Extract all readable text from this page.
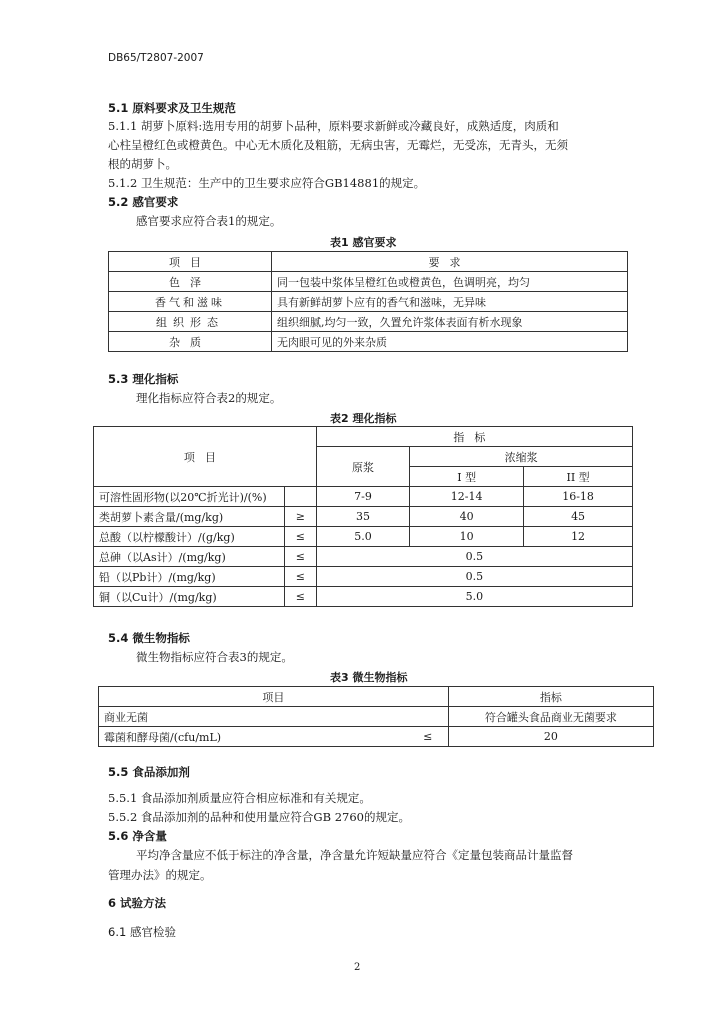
DB65/T2807-2007
5.1 原料要求及卫生规范
5.1.1 胡萝卜原料:选用专用的胡萝卜品种，原料要求新鲜或冷藏良好，成熟适度，肉质和
心柱呈橙红色或橙黄色。中心无木质化及粗筋，无病虫害，无霉烂，无受冻，无青头，无须
根的胡萝卜。
5.1.2 卫生规范：生产中的卫生要求应符合GB14881的规定。
5.2 感官要求
感官要求应符合表1的规定。
表1 感官要求
项目	要求
色泽	同一包装中浆体呈橙红色或橙黄色，色调明亮，均匀
香气和滋味	具有新鲜胡萝卜应有的香气和滋味，无异味
组织形态	组织细腻,均匀一致，久置允许浆体表面有析水现象
杂质	无肉眼可见的外来杂质
5.3 理化指标
理化指标应符合表2的规定。
表2 理化指标
项目		指标		
		原浆	浓缩浆	
			I 型	II 型
可溶性固形物(以20℃折光计)/(%)		7-9	12-14	16-18
类胡萝卜素含量/(mg/kg)	≥	35	40	45
总酸（以柠檬酸计）/(g/kg)	≤	5.0	10	12
总砷（以As计）/(mg/kg)	≤	0.5		
铅（以Pb计）/(mg/kg)	≤	0.5		
铜（以Cu计）/(mg/kg)	≤	5.0		
5.4 微生物指标
微生物指标应符合表3的规定。
表3 微生物指标
项目		指标
商业无菌		符合罐头食品商业无菌要求
霉菌和酵母菌/(cfu/mL)	≤	20
5.5 食品添加剂
5.5.1 食品添加剂质量应符合相应标准和有关规定。
5.5.2 食品添加剂的品种和使用量应符合GB 2760的规定。
5.6 净含量
平均净含量应不低于标注的净含量，净含量允许短缺量应符合《定量包装商品计量监督
管理办法》的规定。
6 试验方法
6.1 感官检验
2
